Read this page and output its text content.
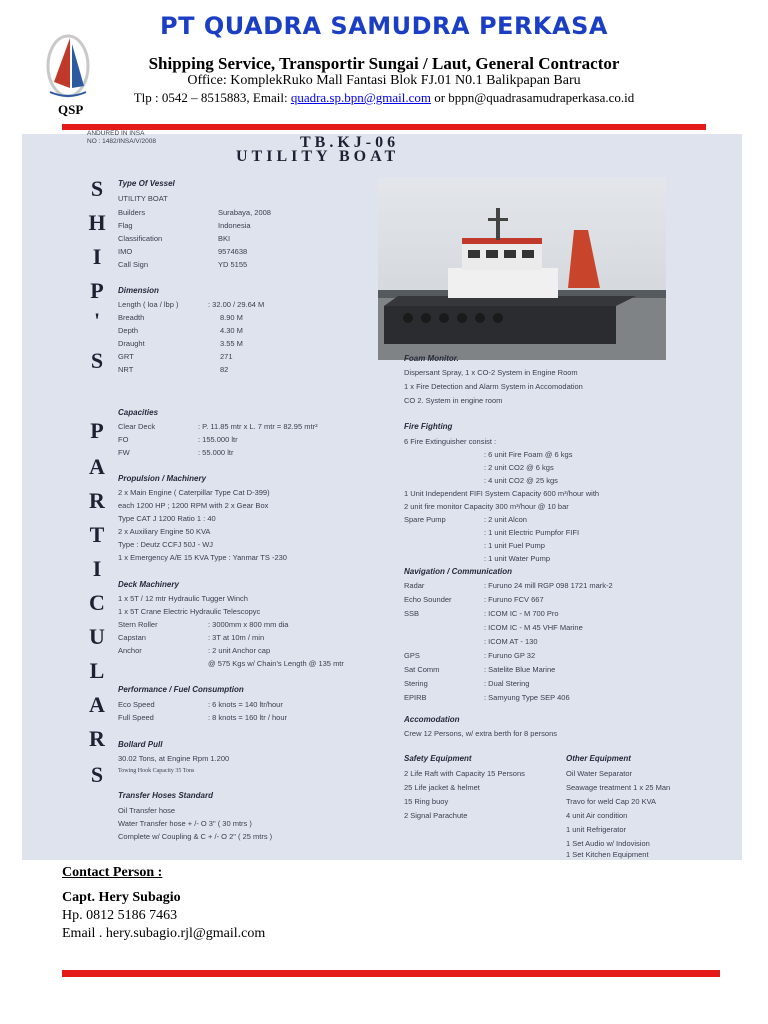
QSP
PT QUADRA SAMUDRA PERKASA
Shipping Service, Transportir Sungai / Laut, General Contractor
Office: KomplekRuko Mall Fantasi Blok FJ.01 N0.1 Balikpapan Baru
Tlp : 0542 – 8515883, Email: quadra.sp.bpn@gmail.com or bppn@quadrasamudraperkasa.co.id
ANDURED IN INSA
NO : 1482/INSA/V/2008	TB.KJ-06
UTILITY BOAT
S
H
I
P
'
S
P
A
R
T
I
C
U
L
A
R
S
Type Of Vessel
UTILITY BOAT
Builders	Surabaya, 2008
Flag	Indonesia
Classification	BKI
IMO	9574638
Call Sign	YD 5155
Dimension
Length ( loa / lbp )	: 32.00 / 29.64 M
Breadth	8.90 M
Depth	4.30 M
Draught	3.55 M
GRT	271
NRT	82
Capacities
Clear Deck	: P. 11.85 mtr x L. 7 mtr = 82.95 mtr²
FO	: 155.000 ltr
FW	: 55.000 ltr
Propulsion / Machinery
2 x Main Engine ( Caterpillar Type Cat D-399)
each 1200 HP ; 1200 RPM with 2 x Gear Box
Type CAT J 1200 Ratio 1 : 40
2 x Auxiliary Engine 50 KVA
Type : Deutz CCFJ 50J - WJ
1 x Emergency A/E 15 KVA Type : Yanmar TS -230
Deck Machinery
1 x 5T / 12 mtr Hydraulic Tugger Winch
1 x 5T Crane Electric Hydraulic Telescopyc
Stern Roller	: 3000mm x 800 mm dia
Capstan	: 3T at 10m / min
Anchor	: 2 unit Anchor cap
@ 575 Kgs w/ Chain's Length @ 135 mtr
Performance / Fuel Consumption
Eco Speed	: 6 knots = 140 ltr/hour
Full Speed	: 8 knots = 160 ltr / hour
Bollard Pull
30.02 Tons, at Engine Rpm 1.200
Towing Hook Capacity 35 Tons
Transfer Hoses Standard
Oil Transfer hose
Water Transfer hose + /- O 3" ( 30 mtrs )
Complete w/ Coupling & C + /- O 2" ( 25 mtrs )
Foam Monitor.
Dispersant Spray, 1 x CO-2 System in Engine Room
1 x Fire Detection and Alarm System in Accomodation
CO 2. System in engine room
Fire Fighting
6 Fire Extinguisher consist :
: 6 unit Fire Foam @ 6 kgs
: 2 unit CO2 @ 6 kgs
: 4 unit CO2 @ 25 kgs
1 Unit Independent FIFI System Capacity 600 m³/hour with
2 unit fire monitor Capacity 300 m³/hour @ 10 bar
Spare Pump	: 2 unit Alcon
: 1 unit Electric Pumpfor FIFI
: 1 unit Fuel Pump
: 1 unit Water Pump
Navigation / Communication
Radar	: Furuno 24 mill RGP 098 1721 mark-2
Echo Sounder	: Furuno FCV 667
SSB	: ICOM IC - M 700 Pro
: ICOM IC - M 45 VHF Marine
: ICOM AT - 130
GPS	: Furuno GP 32
Sat Comm	: Satelite Blue Marine
Stering	: Dual Stering
EPIRB	: Samyung Type SEP 406
Accomodation
Crew 12 Persons, w/ extra berth for 8 persons
Safety Equipment
2 Life Raft with Capacity 15 Persons
25 Life jacket & helmet
15 Ring buoy
2 Signal Parachute
Other Equipment
Oil Water Separator
Seawage treatment 1 x 25 Man
Travo for weld Cap 20 KVA
4 unit Air condition
1 unit Refrigerator
1 Set Audio w/ Indovision
1 Set Kitchen Equipment
Contact Person :
Capt. Hery Subagio
Hp. 0812 5186 7463
Email . hery.subagio.rjl@gmail.com
